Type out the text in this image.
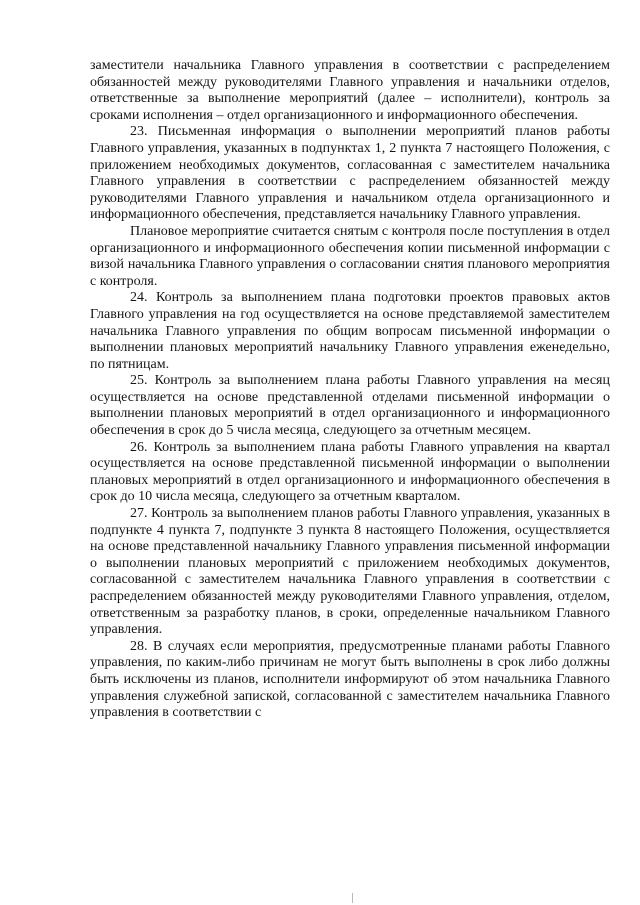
заместители начальника Главного управления в соответствии с распределением обязанностей между руководителями Главного управления и начальники отделов, ответственные за выполнение мероприятий (далее – исполнители), контроль за сроками исполнения – отдел организационного и информационного обеспечения.

23. Письменная информация о выполнении мероприятий планов работы Главного управления, указанных в подпунктах 1, 2 пункта 7 настоящего Положения, с приложением необходимых документов, согласованная с заместителем начальника Главного управления в соответствии с распределением обязанностей между руководителями Главного управления и начальником отдела организационного и информационного обеспечения, представляется начальнику Главного управления.

Плановое мероприятие считается снятым с контроля после поступления в отдел организационного и информационного обеспечения копии письменной информации с визой начальника Главного управления о согласовании снятия планового мероприятия с контроля.

24. Контроль за выполнением плана подготовки проектов правовых актов Главного управления на год осуществляется на основе представляемой заместителем начальника Главного управления по общим вопросам письменной информации о выполнении плановых мероприятий начальнику Главного управления еженедельно, по пятницам.

25. Контроль за выполнением плана работы Главного управления на месяц осуществляется на основе представленной отделами письменной информации о выполнении плановых мероприятий в отдел организационного и информационного обеспечения в срок до 5 числа месяца, следующего за отчетным месяцем.

26. Контроль за выполнением плана работы Главного управления на квартал осуществляется на основе представленной письменной информации о выполнении плановых мероприятий в отдел организационного и информационного обеспечения в срок до 10 числа месяца, следующего за отчетным кварталом.

27. Контроль за выполнением планов работы Главного управления, указанных в подпункте 4 пункта 7, подпункте 3 пункта 8 настоящего Положения, осуществляется на основе представленной начальнику Главного управления письменной информации о выполнении плановых мероприятий с приложением необходимых документов, согласованной с заместителем начальника Главного управления в соответствии с распределением обязанностей между руководителями Главного управления, отделом, ответственным за разработку планов, в сроки, определенные начальником Главного управления.

28. В случаях если мероприятия, предусмотренные планами работы Главного управления, по каким-либо причинам не могут быть выполнены в срок либо должны быть исключены из планов, исполнители информируют об этом начальника Главного управления служебной запиской, согласованной с заместителем начальника Главного управления в соответствии с
